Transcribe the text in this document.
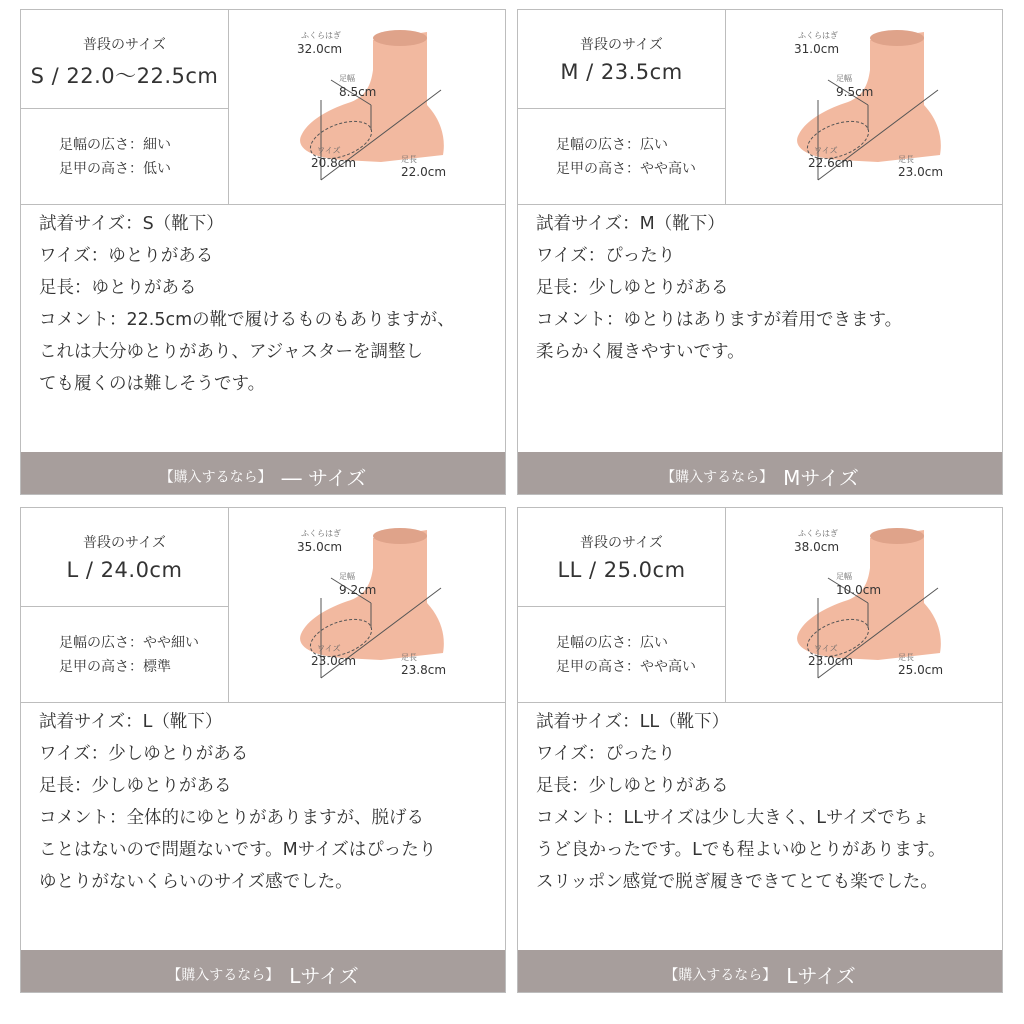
普段のサイズ
S / 22.0～22.5cm
足幅の広さ：細い
足甲の高さ：低い
ふくらはぎ
32.0cm
足幅
8.5cm
ワイズ
20.8cm	足長
22.0cm
試着サイズ：S（靴下）
ワイズ：ゆとりがある
足長：ゆとりがある
コメント：22.5cmの靴で履けるものもありますが、
これは大分ゆとりがあり、アジャスターを調整し
ても履くのは難しそうです。
【購入するなら】 ― サイズ
普段のサイズ
M / 23.5cm
足幅の広さ：広い
足甲の高さ：やや高い
ふくらはぎ
31.0cm
足幅
9.5cm
ワイズ
22.6cm	足長
23.0cm
試着サイズ：M（靴下）
ワイズ：ぴったり
足長：少しゆとりがある
コメント：ゆとりはありますが着用できます。
柔らかく履きやすいです。
【購入するなら】 Mサイズ
普段のサイズ
L / 24.0cm
足幅の広さ：やや細い
足甲の高さ：標準
ふくらはぎ
35.0cm
足幅
9.2cm
ワイズ
23.0cm	足長
23.8cm
試着サイズ：L（靴下）
ワイズ：少しゆとりがある
足長：少しゆとりがある
コメント：全体的にゆとりがありますが、脱げる
ことはないので問題ないです。Mサイズはぴったり
ゆとりがないくらいのサイズ感でした。
【購入するなら】 Lサイズ
普段のサイズ
LL / 25.0cm
足幅の広さ：広い
足甲の高さ：やや高い
ふくらはぎ
38.0cm
足幅
10.0cm
ワイズ
23.0cm	足長
25.0cm
試着サイズ：LL（靴下）
ワイズ：ぴったり
足長：少しゆとりがある
コメント：LLサイズは少し大きく、Lサイズでちょ
うど良かったです。Lでも程よいゆとりがあります。
スリッポン感覚で脱ぎ履きできてとても楽でした。
【購入するなら】 Lサイズ
